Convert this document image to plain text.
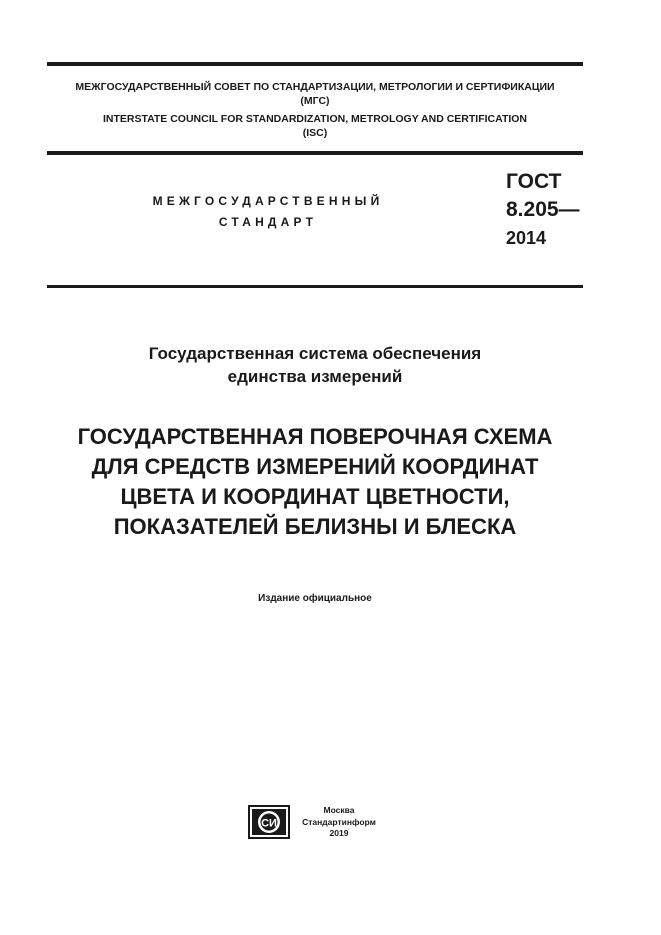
МЕЖГОСУДАРСТВЕННЫЙ СОВЕТ ПО СТАНДАРТИЗАЦИИ, МЕТРОЛОГИИ И СЕРТИФИКАЦИИ
(МГС)
INTERSTATE COUNCIL FOR STANDARDIZATION, METROLOGY AND CERTIFICATION
(ISC)
МЕЖГОСУДАРСТВЕННЫЙ
СТАНДАРТ
ГОСТ
8.205—
2014
Государственная система обеспечения
единства измерений
ГОСУДАРСТВЕННАЯ ПОВЕРОЧНАЯ СХЕМА
ДЛЯ СРЕДСТВ ИЗМЕРЕНИЙ КООРДИНАТ
ЦВЕТА И КООРДИНАТ ЦВЕТНОСТИ,
ПОКАЗАТЕЛЕЙ БЕЛИЗНЫ И БЛЕСКА
Издание официальное
СИ
Москва
Стандартинформ
2019
